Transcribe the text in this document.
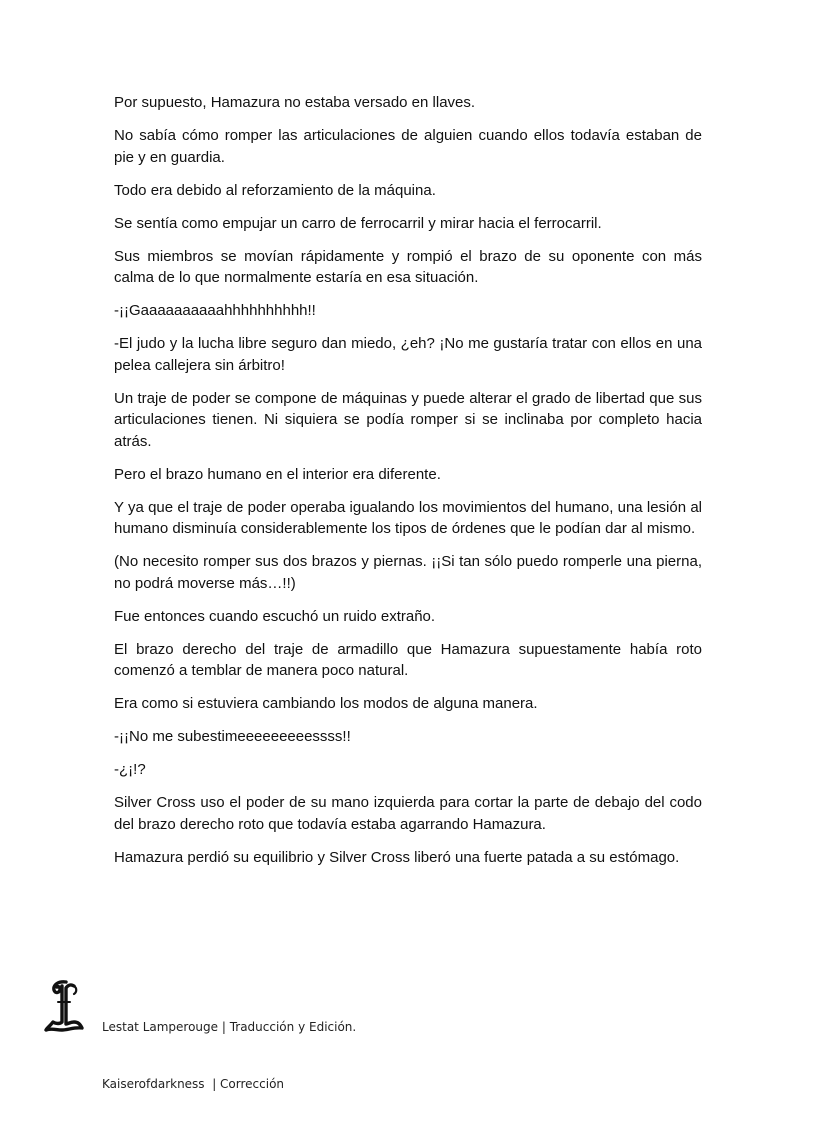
Por supuesto, Hamazura no estaba versado en llaves.

No sabía cómo romper las articulaciones de alguien cuando ellos todavía estaban de pie y en guardia.

Todo era debido al reforzamiento de la máquina.

Se sentía como empujar un carro de ferrocarril y mirar hacia el ferrocarril.

Sus miembros se movían rápidamente y rompió el brazo de su oponente con más calma de lo que normalmente estaría en esa situación.

-¡¡Gaaaaaaaaaahhhhhhhhhh!!

-El judo y la lucha libre seguro dan miedo, ¿eh? ¡No me gustaría tratar con ellos en una pelea callejera sin árbitro!

Un traje de poder se compone de máquinas y puede alterar el grado de libertad que sus articulaciones tienen. Ni siquiera se podía romper si se inclinaba por completo hacia atrás.

Pero el brazo humano en el interior era diferente.

Y ya que el traje de poder operaba igualando los movimientos del humano, una lesión al humano disminuía considerablemente los tipos de órdenes que le podían dar al mismo.

(No necesito romper sus dos brazos y piernas. ¡¡Si tan sólo puedo romperle una pierna, no podrá moverse más…!!)

Fue entonces cuando escuchó un ruido extraño.

El brazo derecho del traje de armadillo que Hamazura supuestamente había roto comenzó a temblar de manera poco natural.

Era como si estuviera cambiando los modos de alguna manera.

-¡¡No me subestimeeeeeeeeessss!!

-¿¡!?

Silver Cross uso el poder de su mano izquierda para cortar la parte de debajo del codo del brazo derecho roto que todavía estaba agarrando Hamazura.

Hamazura perdió su equilibrio y Silver Cross liberó una fuerte patada a su estómago.

Lestat Lamperouge | Traducción y Edición.

Kaiserofdarkness  | Corrección
